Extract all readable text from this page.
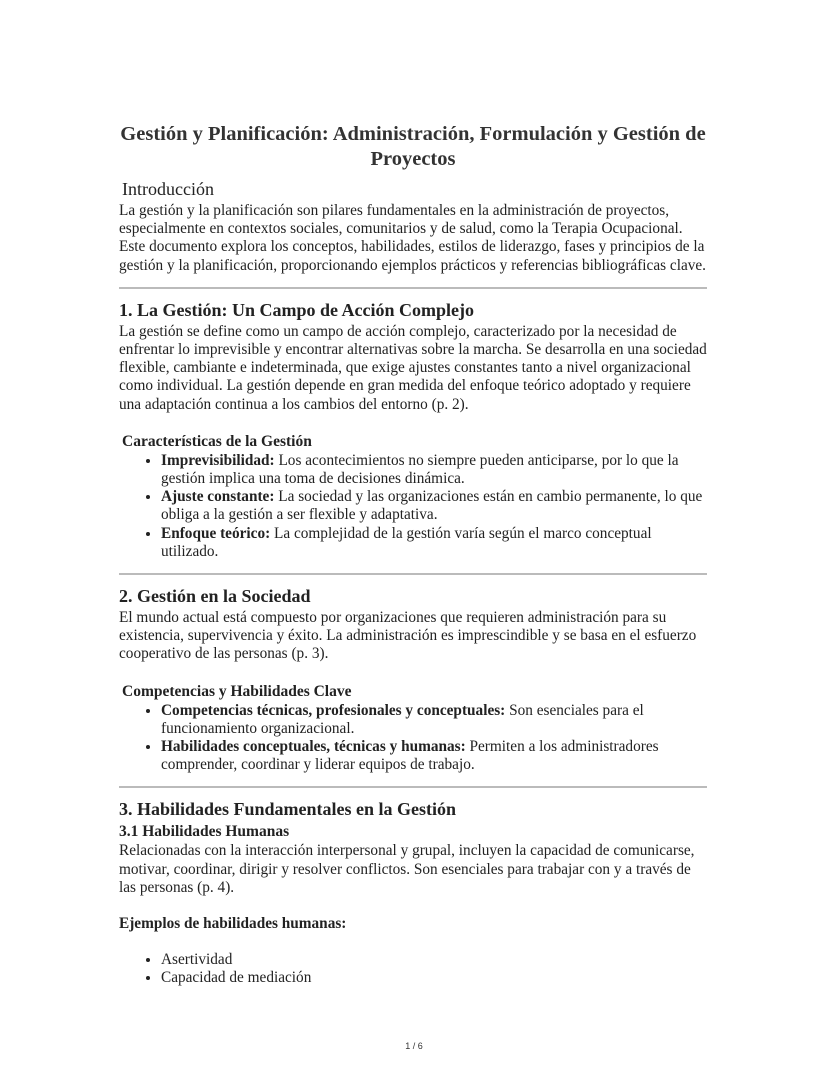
Gestión y Planificación: Administración, Formulación y Gestión de Proyectos
Introducción

La gestión y la planificación son pilares fundamentales en la administración de proyectos, especialmente en contextos sociales, comunitarios y de salud, como la Terapia Ocupacional. Este documento explora los conceptos, habilidades, estilos de liderazgo, fases y principios de la gestión y la planificación, proporcionando ejemplos prácticos y referencias bibliográficas clave.

1. La Gestión: Un Campo de Acción Complejo

La gestión se define como un campo de acción complejo, caracterizado por la necesidad de enfrentar lo imprevisible y encontrar alternativas sobre la marcha. Se desarrolla en una sociedad flexible, cambiante e indeterminada, que exige ajustes constantes tanto a nivel organizacional como individual. La gestión depende en gran medida del enfoque teórico adoptado y requiere una adaptación continua a los cambios del entorno (p. 2).

Características de la Gestión
• Imprevisibilidad: Los acontecimientos no siempre pueden anticiparse, por lo que la gestión implica una toma de decisiones dinámica.
• Ajuste constante: La sociedad y las organizaciones están en cambio permanente, lo que obliga a la gestión a ser flexible y adaptativa.
• Enfoque teórico: La complejidad de la gestión varía según el marco conceptual utilizado.
2. Gestión en la Sociedad

El mundo actual está compuesto por organizaciones que requieren administración para su existencia, supervivencia y éxito. La administración es imprescindible y se basa en el esfuerzo cooperativo de las personas (p. 3).

Competencias y Habilidades Clave
• Competencias técnicas, profesionales y conceptuales: Son esenciales para el funcionamiento organizacional.
• Habilidades conceptuales, técnicas y humanas: Permiten a los administradores comprender, coordinar y liderar equipos de trabajo.
3. Habilidades Fundamentales en la Gestión
3.1 Habilidades Humanas

Relacionadas con la interacción interpersonal y grupal, incluyen la capacidad de comunicarse, motivar, coordinar, dirigir y resolver conflictos. Son esenciales para trabajar con y a través de las personas (p. 4).

Ejemplos de habilidades humanas:

• Asertividad
• Capacidad de mediación
1 / 6
